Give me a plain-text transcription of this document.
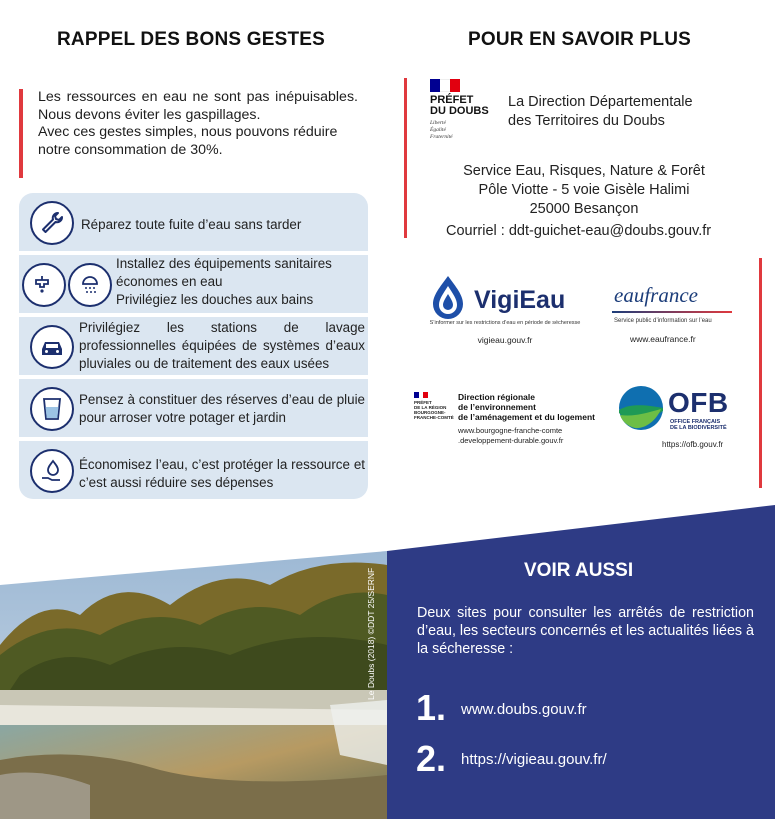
RAPPEL DES BONS GESTES
Les ressources en eau ne sont pas inépuisables. Nous devons éviter les gaspillages.
Avec ces gestes simples, nous pouvons réduire notre consommation de 30%.
Réparez toute fuite d’eau sans tarder
Installez des équipements sanitaires économes en eau
Privilégiez les douches aux bains
Privilégiez les stations de lavage professionnelles équipées de systèmes d’eaux pluviales ou de traitement des eaux usées
Pensez à constituer des réserves d’eau de pluie pour arroser votre potager et jardin
Économisez l’eau, c’est protéger la ressource et c’est aussi réduire ses dépenses
POUR EN SAVOIR PLUS
PRÉFET
DU DOUBS
Liberté
Égalité
Fraternité
La Direction Départementale
des Territoires du Doubs
Service Eau, Risques, Nature & Forêt
Pôle Viotte - 5 voie Gisèle Halimi
25000 Besançon
Courriel : ddt-guichet-eau@doubs.gouv.fr
VigiEau
S’informer sur les restrictions d’eau en période de sécheresse
vigieau.gouv.fr
eaufrance
Service public d’information sur l’eau
www.eaufrance.fr
PRÉFET
DE LA RÉGION
BOURGOGNE-
FRANCHE-COMTÉ
Direction régionale
de l’environnement
de l’aménagement et du logement
www.bourgogne-franche-comte
.developpement-durable.gouv.fr
OFB
OFFICE FRANÇAIS
DE LA BIODIVERSITÉ
https://ofb.gouv.fr
Le Doubs (2018) ©DDT 25/SERNF	VOIR AUSSI
Deux sites pour consulter les arrêtés de restriction d’eau, les secteurs concernés et les actualités liées à la sécheresse :
1. www.doubs.gouv.fr
2. https://vigieau.gouv.fr/
